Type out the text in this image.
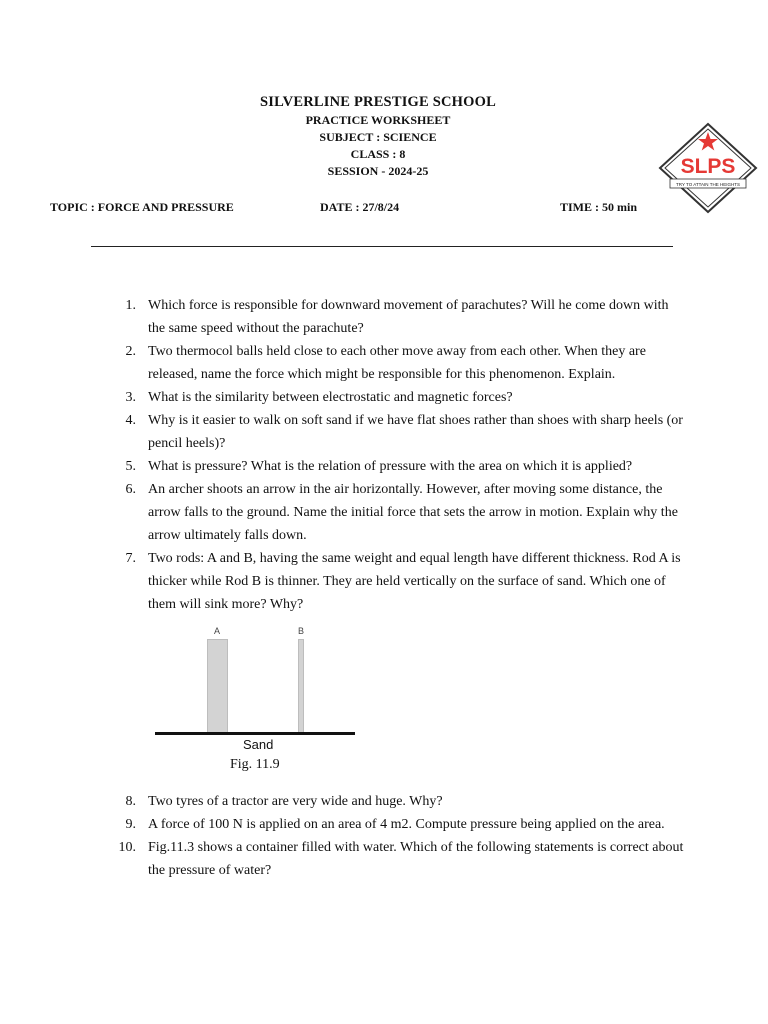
SILVERLINE PRESTIGE SCHOOL
PRACTICE WORKSHEET
SUBJECT : SCIENCE
CLASS : 8
SESSION - 2024-25	SLPS
TRY TO ATTAIN THE HEIGHTS
TOPIC : FORCE AND PRESSURE	DATE : 27/8/24	TIME : 50 min
1. Which force is responsible for downward movement of parachutes? Will he come down with the same speed without the parachute?
2. Two thermocol balls held close to each other move away from each other. When they are released, name the force which might be responsible for this phenomenon. Explain.
3. What is the similarity between electrostatic and magnetic forces?
4. Why is it easier to walk on soft sand if we have flat shoes rather than shoes with sharp heels (or pencil heels)?
5. What is pressure? What is the relation of pressure with the area on which it is applied?
6. An archer shoots an arrow in the air horizontally. However, after moving some distance, the arrow falls to the ground. Name the initial force that sets the arrow in motion. Explain why the arrow ultimately falls down.
7. Two rods: A and B, having the same weight and equal length have different thickness. Rod A is thicker while Rod B is thinner. They are held vertically on the surface of sand. Which one of them will sink more? Why?
A	B
Sand
Fig. 11.9
8. Two tyres of a tractor are very wide and huge. Why?
9. A force of 100 N is applied on an area of 4 m2. Compute pressure being applied on the area.
10. Fig.11.3 shows a container filled with water. Which of the following statements is correct about the pressure of water?
